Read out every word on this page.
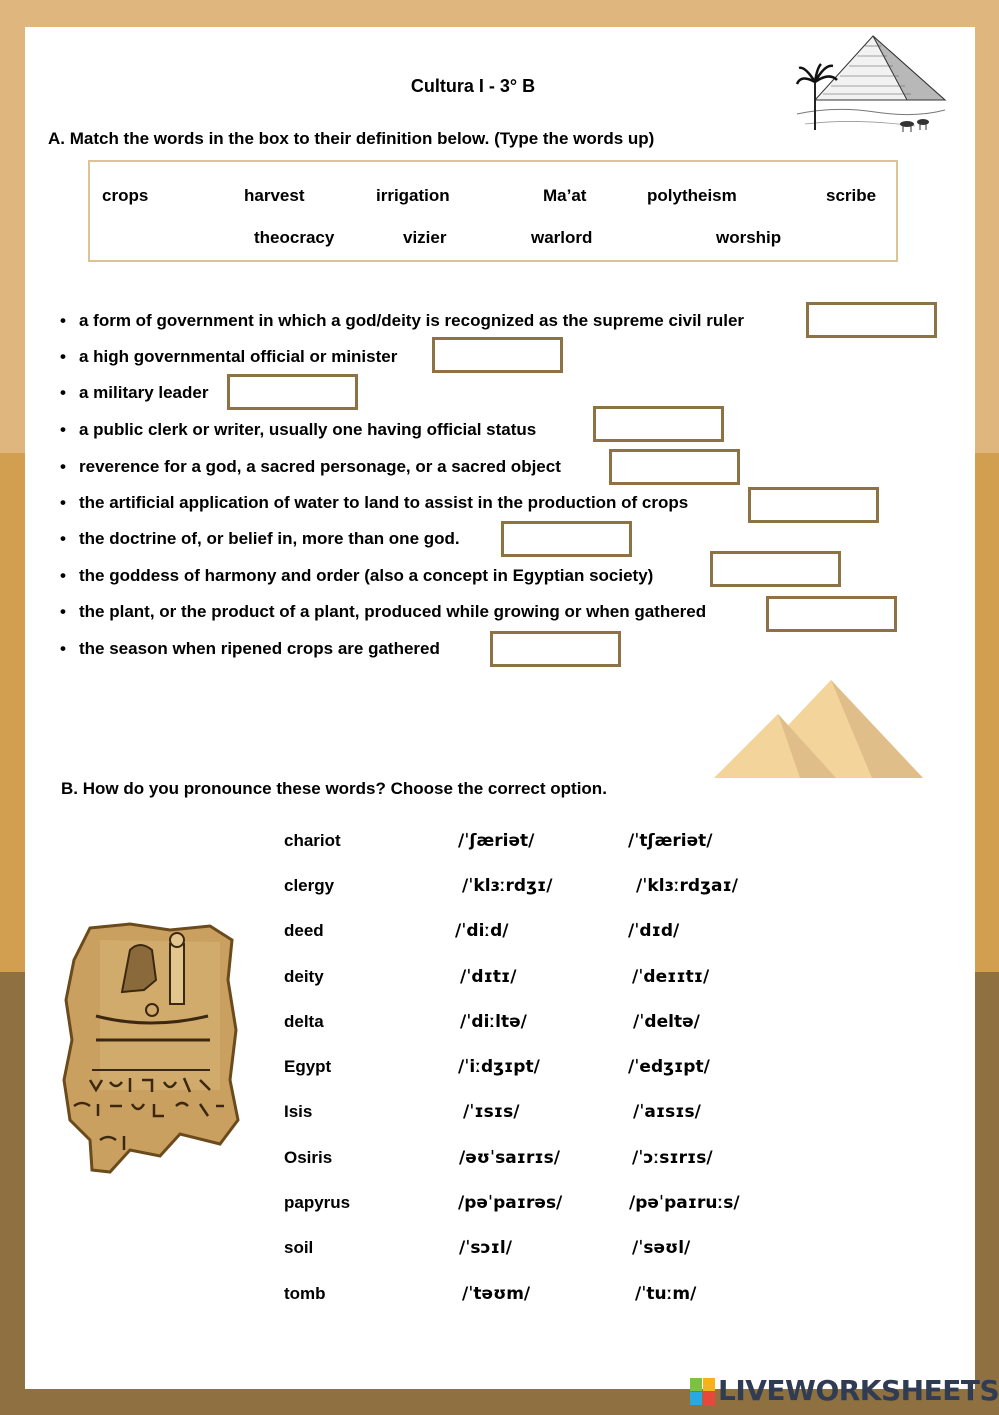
Cultura I - 3° B
A. Match the words in the box to their definition below. (Type the words up)
crops	harvest	irrigation	Ma’at	polytheism	scribe
theocracy	vizier	warlord	worship
• a form of government in which a god/deity is recognized as the supreme civil ruler
• a high governmental official or minister
• a military leader
• a public clerk or writer, usually one having official status
• reverence for a god, a sacred personage, or a sacred object
• the artificial application of water to land to assist in the production of crops
• the doctrine of, or belief in, more than one god.
• the goddess of harmony and order (also a concept in Egyptian society)
• the plant, or the product of a plant, produced while growing or when gathered
• the season when ripened crops are gathered
B. How do you pronounce these words? Choose the correct option.
chariot	/ˈʃæriət/	/ˈtʃæriət/
clergy	/ˈklɜːrdʒɪ/	/ˈklɜːrdʒaɪ/
deed	/ˈdiːd/	/ˈdɪd/
deity	/ˈdɪtɪ/	/ˈdeɪɪtɪ/
delta	/ˈdiːltə/	/ˈdeltə/
Egypt	/ˈiːdʒɪpt/	/ˈedʒɪpt/
Isis	/ˈɪsɪs/	/ˈaɪsɪs/
Osiris	/əʊˈsaɪrɪs/	/ˈɔːsɪrɪs/
papyrus	/pəˈpaɪrəs/	/pəˈpaɪruːs/
soil	/ˈsɔɪl/	/ˈsəʊl/
tomb	/ˈtəʊm/	/ˈtuːm/
LIVEWORKSHEETS
